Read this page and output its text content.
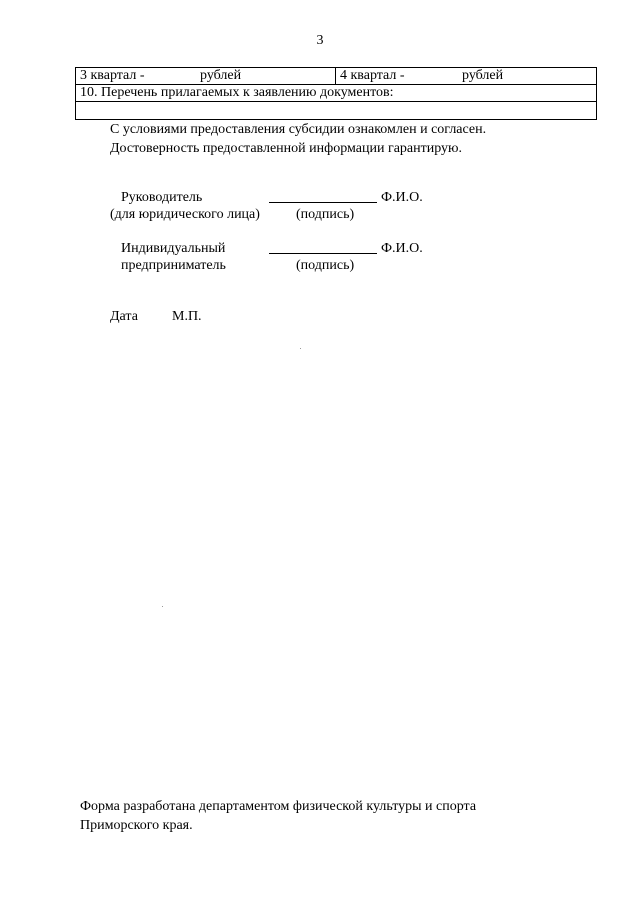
3
3 квартал -	рублей	4 квартал -	рублей
10. Перечень прилагаемых к заявлению документов:

С условиями предоставления субсидии ознакомлен и согласен.
Достоверность предоставленной информации гарантирую.
Руководитель	Ф.И.О.
(для юридического лица)	(подпись)
Индивидуальный	Ф.И.О.
предприниматель	(подпись)
Дата М.П.
Форма разработана департаментом физической культуры и спорта
Приморского края.
